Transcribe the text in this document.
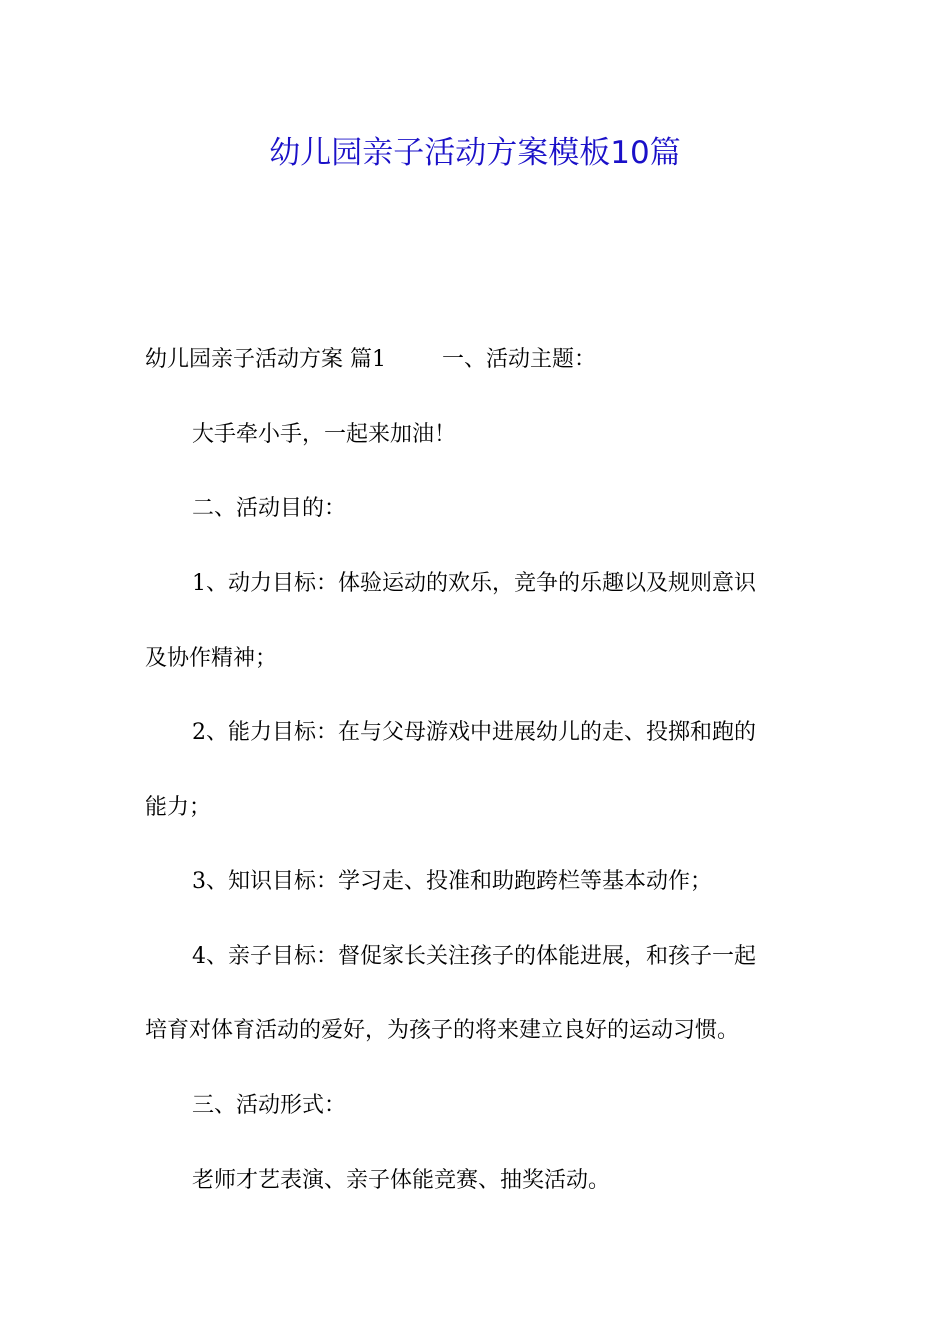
幼儿园亲子活动方案模板10篇

幼儿园亲子活动方案 篇1	一、活动主题：

大手牵小手，一起来加油！

二、活动目的：

1、动力目标：体验运动的欢乐，竞争的乐趣以及规则意识

及协作精神；

2、能力目标：在与父母游戏中进展幼儿的走、投掷和跑的

能力；

3、知识目标：学习走、投准和助跑跨栏等基本动作；

4、亲子目标：督促家长关注孩子的体能进展，和孩子一起

培育对体育活动的爱好，为孩子的将来建立良好的运动习惯。

三、活动形式：

老师才艺表演、亲子体能竞赛、抽奖活动。
